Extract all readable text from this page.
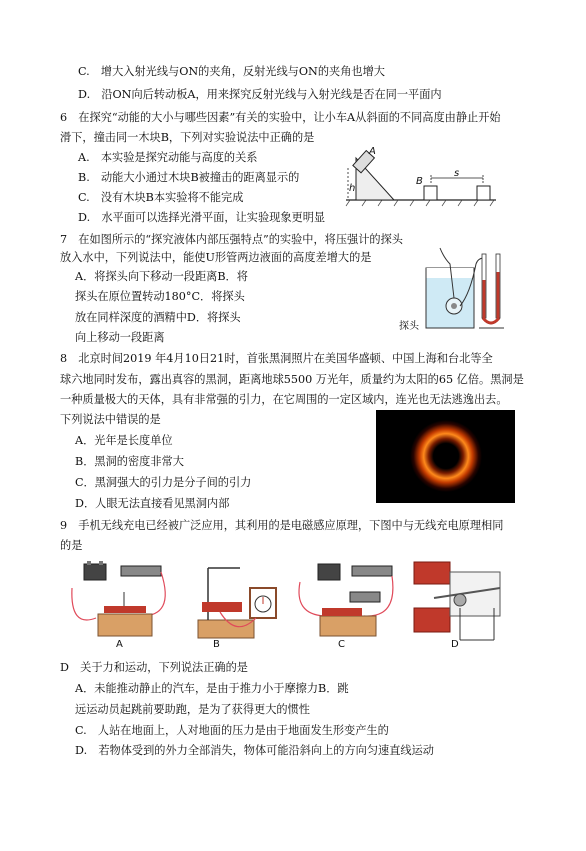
C.　增大入射光线与ON的夹角，反射光线与ON的夹角也增大
D.　沿ON向后转动板A，用来探究反射光线与入射光线是否在同一平面内
6　在探究“动能的大小与哪些因素”有关的实验中，让小车A从斜面的不同高度由静止开始
滑下，撞击同一木块B，下列对实验说法中正确的是
A.　本实验是探究动能与高度的关系
B.　动能大小通过木块B被撞击的距离显示的
C.　没有木块B本实验将不能完成
D.　水平面可以选择光滑平面，让实验现象更明显
7　在如图所示的“探究液体内部压强特点”的实验中，将压强计的探头
放入水中，下列说法中，能使U形管两边液面的高度差增大的是
A．将探头向下移动一段距离B．将
探头在原位置转动180°C．将探头
放在同样深度的酒精中D．将探头
向上移动一段距离
8　北京时间2019 年4月10日21时，首张黑洞照片在美国华盛顿、中国上海和台北等全
球六地同时发布，露出真容的黑洞，距离地球5500 万光年，质量约为太阳的65 亿倍。黑洞是
一种质量极大的天体，具有非常强的引力，在它周围的一定区域内，连光也无法逃逸出去。
下列说法中错误的是
A．光年是长度单位
B．黑洞的密度非常大
C．黑洞强大的引力是分子间的引力
D．人眼无法直接看见黑洞内部
9　手机无线充电已经被广泛应用，其利用的是电磁感应原理，下图中与无线充电原理相同
的是
D　关于力和运动，下列说法正确的是
A．未能推动静止的汽车，是由于推力小于摩擦力B．跳
远运动员起跳前要助跑，是为了获得更大的惯性
C.　人站在地面上，人对地面的压力是由于地面发生形变产生的
D.　若物体受到的外力全部消失，物体可能沿斜向上的方向匀速直线运动
A
h
B
s
探头
A	B	C	D
